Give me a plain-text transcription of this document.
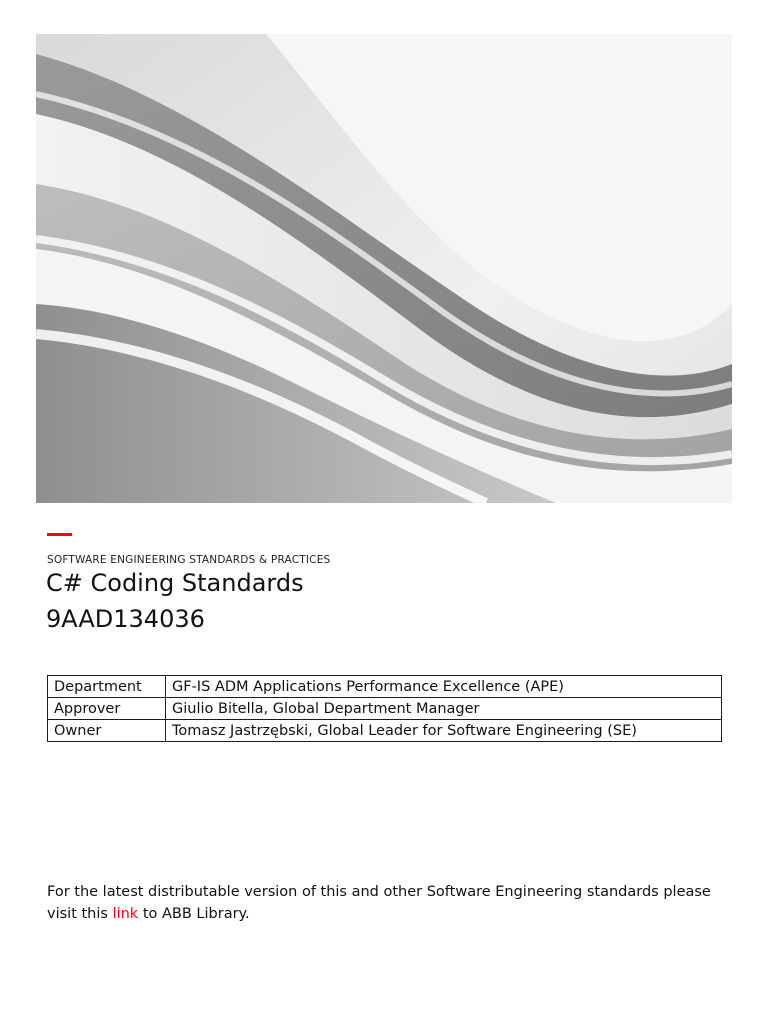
SOFTWARE ENGINEERING STANDARDS & PRACTICES
C# Coding Standards
9AAD134036
Department	GF-IS ADM Applications Performance Excellence (APE)
Approver	Giulio Bitella, Global Department Manager
Owner	Tomasz Jastrzębski, Global Leader for Software Engineering (SE)
For the latest distributable version of this and other Software Engineering standards please visit this link to ABB Library.
